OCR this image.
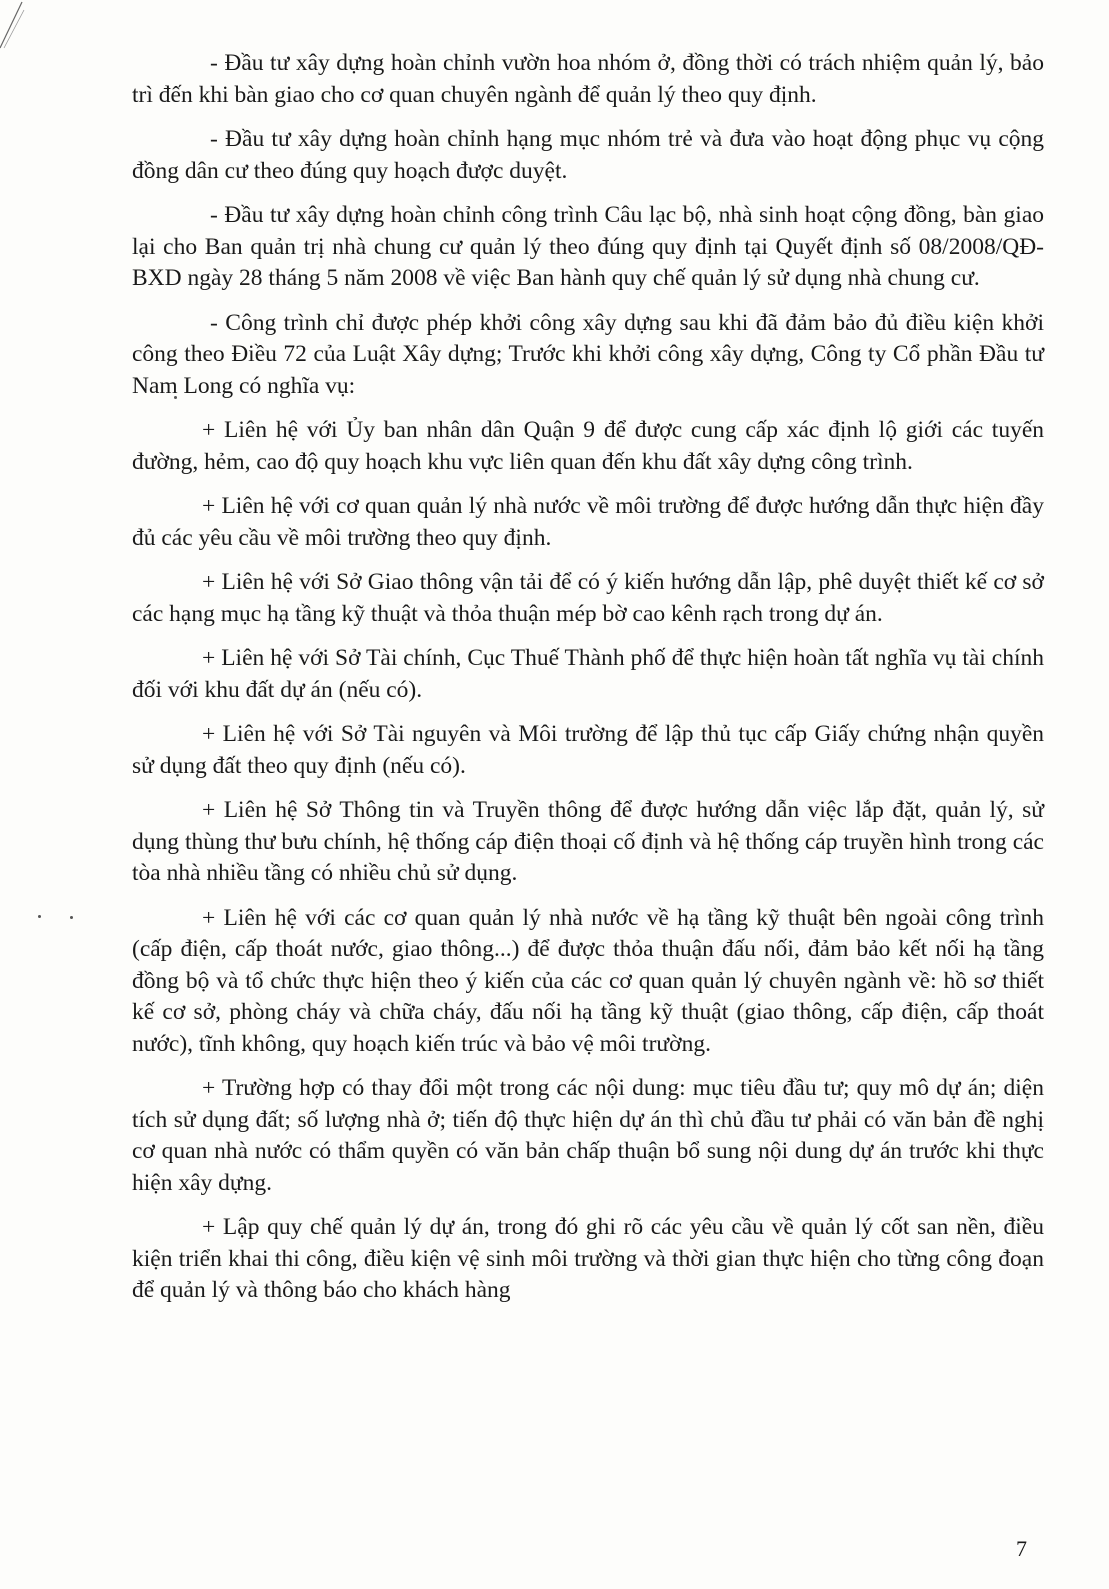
- Đầu tư xây dựng hoàn chỉnh vườn hoa nhóm ở, đồng thời có trách nhiệm quản lý, bảo trì đến khi bàn giao cho cơ quan chuyên ngành để quản lý theo quy định.

- Đầu tư xây dựng hoàn chỉnh hạng mục nhóm trẻ và đưa vào hoạt động phục vụ cộng đồng dân cư theo đúng quy hoạch được duyệt.

- Đầu tư xây dựng hoàn chỉnh công trình Câu lạc bộ, nhà sinh hoạt cộng đồng, bàn giao lại cho Ban quản trị nhà chung cư quản lý theo đúng quy định tại Quyết định số 08/2008/QĐ-BXD ngày 28 tháng 5 năm 2008 về việc Ban hành quy chế quản lý sử dụng nhà chung cư.

- Công trình chỉ được phép khởi công xây dựng sau khi đã đảm bảo đủ điều kiện khởi công theo Điều 72 của Luật Xây dựng; Trước khi khởi công xây dựng, Công ty Cổ phần Đầu tư Nam Long có nghĩa vụ:

+ Liên hệ với Ủy ban nhân dân Quận 9 để được cung cấp xác định lộ giới các tuyến đường, hẻm, cao độ quy hoạch khu vực liên quan đến khu đất xây dựng công trình.

+ Liên hệ với cơ quan quản lý nhà nước về môi trường để được hướng dẫn thực hiện đầy đủ các yêu cầu về môi trường theo quy định.

+ Liên hệ với Sở Giao thông vận tải để có ý kiến hướng dẫn lập, phê duyệt thiết kế cơ sở các hạng mục hạ tầng kỹ thuật và thỏa thuận mép bờ cao kênh rạch trong dự án.

+ Liên hệ với Sở Tài chính, Cục Thuế Thành phố để thực hiện hoàn tất nghĩa vụ tài chính đối với khu đất dự án (nếu có).

+ Liên hệ với Sở Tài nguyên và Môi trường để lập thủ tục cấp Giấy chứng nhận quyền sử dụng đất theo quy định (nếu có).

+ Liên hệ Sở Thông tin và Truyền thông để được hướng dẫn việc lắp đặt, quản lý, sử dụng thùng thư bưu chính, hệ thống cáp điện thoại cố định và hệ thống cáp truyền hình trong các tòa nhà nhiều tầng có nhiều chủ sử dụng.

+ Liên hệ với các cơ quan quản lý nhà nước về hạ tầng kỹ thuật bên ngoài công trình (cấp điện, cấp thoát nước, giao thông...) để được thỏa thuận đấu nối, đảm bảo kết nối hạ tầng đồng bộ và tổ chức thực hiện theo ý kiến của các cơ quan quản lý chuyên ngành về: hồ sơ thiết kế cơ sở, phòng cháy và chữa cháy, đấu nối hạ tầng kỹ thuật (giao thông, cấp điện, cấp thoát nước), tĩnh không, quy hoạch kiến trúc và bảo vệ môi trường.

+ Trường hợp có thay đổi một trong các nội dung: mục tiêu đầu tư; quy mô dự án; diện tích sử dụng đất; số lượng nhà ở; tiến độ thực hiện dự án thì chủ đầu tư phải có văn bản đề nghị cơ quan nhà nước có thẩm quyền có văn bản chấp thuận bổ sung nội dung dự án trước khi thực hiện xây dựng.

+ Lập quy chế quản lý dự án, trong đó ghi rõ các yêu cầu về quản lý cốt san nền, điều kiện triển khai thi công, điều kiện vệ sinh môi trường và thời gian thực hiện cho từng công đoạn để quản lý và thông báo cho khách hàng

7
